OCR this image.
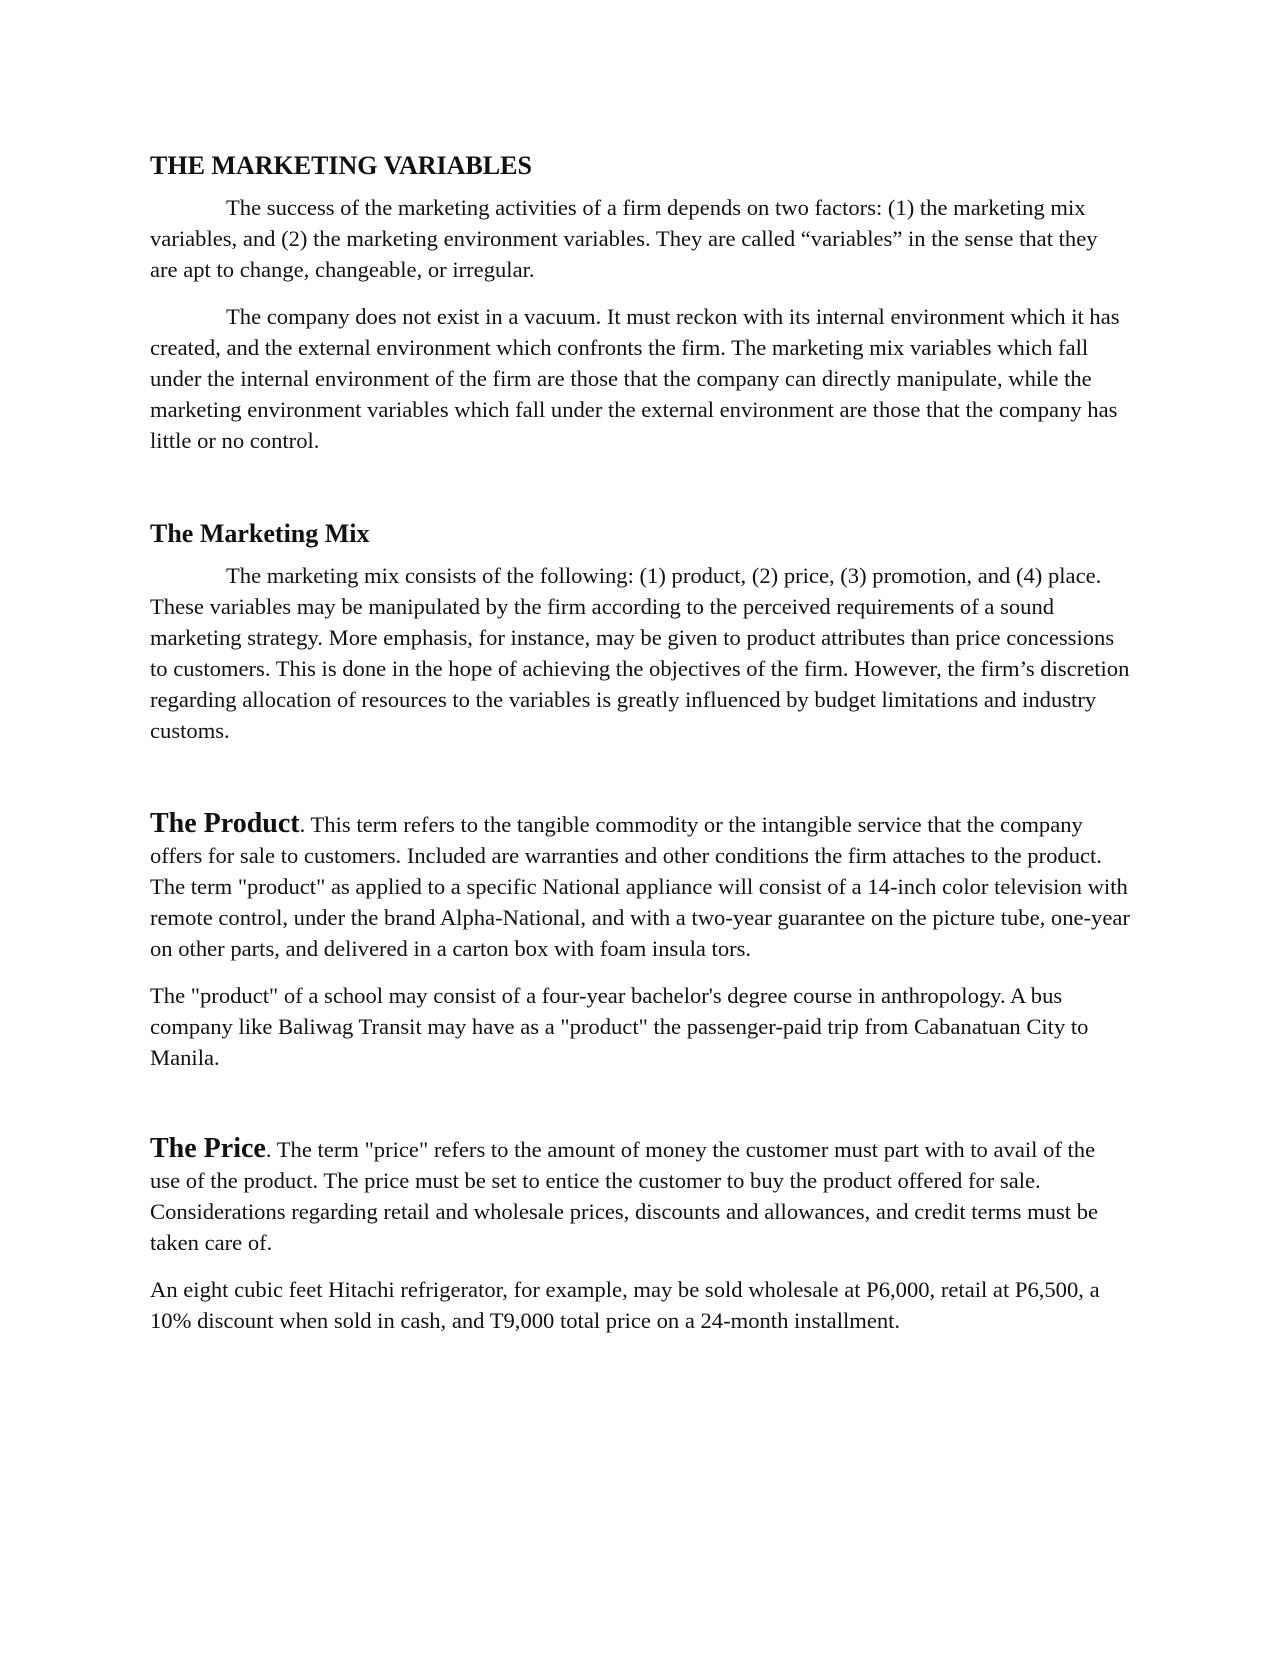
THE MARKETING VARIABLES

The success of the marketing activities of a firm depends on two factors: (1) the marketing mix variables, and (2) the marketing environment variables. They are called “variables” in the sense that they are apt to change, changeable, or irregular.

The company does not exist in a vacuum. It must reckon with its internal environment which it has created, and the external environment which confronts the firm. The marketing mix variables which fall under the internal environment of the firm are those that the company can directly manipulate, while the marketing environment variables which fall under the external environment are those that the company has little or no control.

The Marketing Mix

The marketing mix consists of the following: (1) product, (2) price, (3) promotion, and (4) place. These variables may be manipulated by the firm according to the perceived requirements of a sound marketing strategy. More emphasis, for instance, may be given to product attributes than price concessions to customers. This is done in the hope of achieving the objectives of the firm. However, the firm’s discretion regarding allocation of resources to the variables is greatly influenced by budget limitations and industry customs.

The Product. This term refers to the tangible commodity or the intangible service that the company offers for sale to customers. Included are warranties and other conditions the firm attaches to the product. The term "product" as applied to a specific National appliance will consist of a 14-inch color television with remote control, under the brand Alpha-National, and with a two-year guarantee on the picture tube, one-year on other parts, and delivered in a carton box with foam insula tors.

The "product" of a school may consist of a four-year bachelor's degree course in anthropology. A bus company like Baliwag Transit may have as a "product" the passenger-paid trip from Cabanatuan City to Manila.

The Price. The term "price" refers to the amount of money the customer must part with to avail of the use of the product. The price must be set to entice the customer to buy the product offered for sale. Considerations regarding retail and wholesale prices, discounts and allowances, and credit terms must be taken care of.

An eight cubic feet Hitachi refrigerator, for example, may be sold wholesale at P6,000, retail at P6,500, a 10% discount when sold in cash, and T9,000 total price on a 24-month installment.
